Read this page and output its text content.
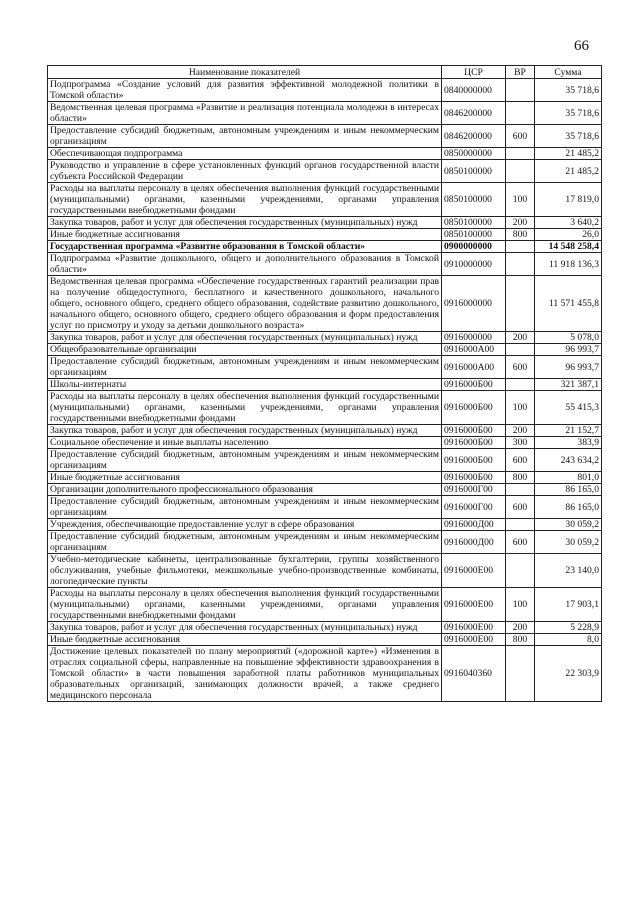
66
Наименование показателей	ЦСР	ВР	Сумма
Подпрограмма «Создание условий для развития эффективной молодежной политики в Томской области»	0840000000		35 718,6
Ведомственная целевая программа «Развитие и реализация потенциала молодежи в интересах области»	0846200000		35 718,6
Предоставление субсидий бюджетным, автономным учреждениям и иным некоммерческим организациям	0846200000	600	35 718,6
Обеспечивающая подпрограмма	0850000000		21 485,2
Руководство и управление в сфере установленных функций органов государственной власти субъекта Российской Федерации	0850100000		21 485,2
Расходы на выплаты персоналу в целях обеспечения выполнения функций государственными (муниципальными) органами, казенными учреждениями, органами управления государственными внебюджетными фондами	0850100000	100	17 819,0
Закупка товаров, работ и услуг для обеспечения государственных (муниципальных) нужд	0850100000	200	3 640,2
Иные бюджетные ассигнования	0850100000	800	26,0
Государственная программа «Развитие образования в Томской области»	0900000000		14 548 258,4
Подпрограмма «Развитие дошкольного, общего и дополнительного образования в Томской области»	0910000000		11 918 136,3
Ведомственная целевая программа «Обеспечение государственных гарантий реализации прав на получение общедоступного, бесплатного и качественного дошкольного, начального общего, основного общего, среднего общего образования, содействие развитию дошкольного, начального общего, основного общего, среднего общего образования и форм предоставления услуг по присмотру и уходу за детьми дошкольного возраста»	0916000000		11 571 455,8
Закупка товаров, работ и услуг для обеспечения государственных (муниципальных) нужд	0916000000	200	5 078,0
Общеобразовательные организации	0916000А00		96 993,7
Предоставление субсидий бюджетным, автономным учреждениям и иным некоммерческим организациям	0916000А00	600	96 993,7
Школы-интернаты	0916000Б00		321 387,1
Расходы на выплаты персоналу в целях обеспечения выполнения функций государственными (муниципальными) органами, казенными учреждениями, органами управления государственными внебюджетными фондами	0916000Б00	100	55 415,3
Закупка товаров, работ и услуг для обеспечения государственных (муниципальных) нужд	0916000Б00	200	21 152,7
Социальное обеспечение и иные выплаты населению	0916000Б00	300	383,9
Предоставление субсидий бюджетным, автономным учреждениям и иным некоммерческим организациям	0916000Б00	600	243 634,2
Иные бюджетные ассигнования	0916000Б00	800	801,0
Организации дополнительного профессионального образования	0916000Г00		86 165,0
Предоставление субсидий бюджетным, автономным учреждениям и иным некоммерческим организациям	0916000Г00	600	86 165,0
Учреждения, обеспечивающие предоставление услуг в сфере образования	0916000Д00		30 059,2
Предоставление субсидий бюджетным, автономным учреждениям и иным некоммерческим организациям	0916000Д00	600	30 059,2
Учебно-методические кабинеты, централизованные бухгалтерии, группы хозяйственного обслуживания, учебные фильмотеки, межшкольные учебно-производственные комбинаты, логопедические пункты	0916000Е00		23 140,0
Расходы на выплаты персоналу в целях обеспечения выполнения функций государственными (муниципальными) органами, казенными учреждениями, органами управления государственными внебюджетными фондами	0916000Е00	100	17 903,1
Закупка товаров, работ и услуг для обеспечения государственных (муниципальных) нужд	0916000Е00	200	5 228,9
Иные бюджетные ассигнования	0916000Е00	800	8,0
Достижение целевых показателей по плану мероприятий («дорожной карте») «Изменения в отраслях социальной сферы, направленные на повышение эффективности здравоохранения в Томской области» в части повышения заработной платы работников муниципальных образовательных организаций, занимающих должности врачей, а также среднего медицинского персонала	0916040360		22 303,9
